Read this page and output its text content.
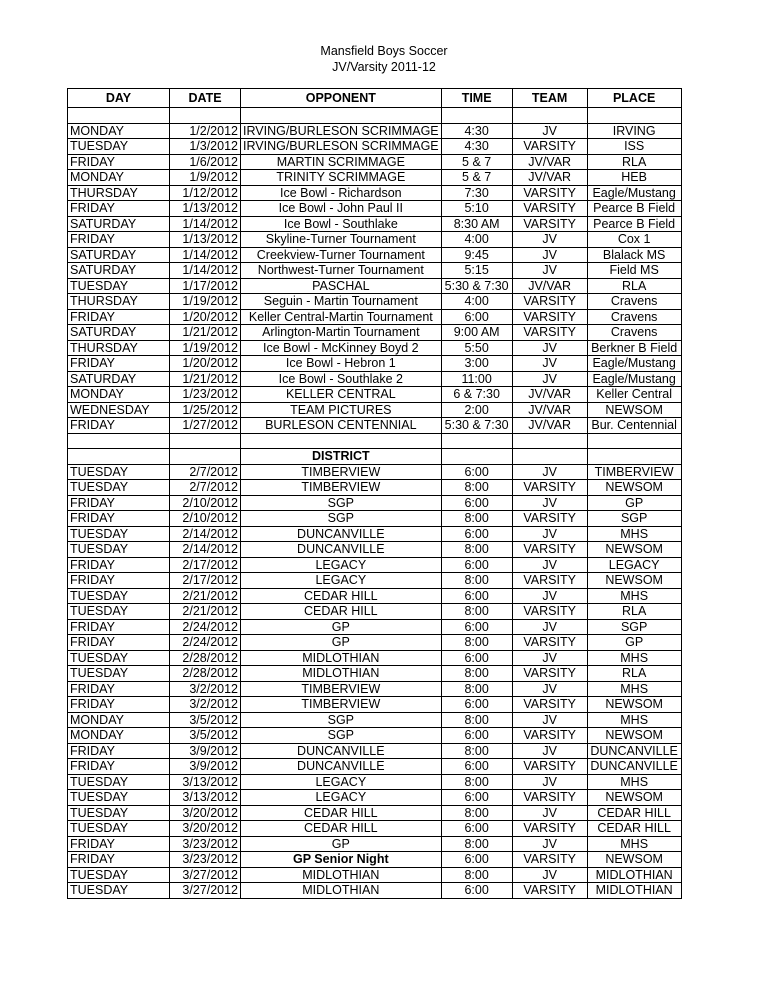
Mansfield Boys Soccer
JV/Varsity 2011-12
DAY	DATE	OPPONENT	TIME	TEAM	PLACE

MONDAY	1/2/2012	IRVING/BURLESON SCRIMMAGE	4:30	JV	IRVING
TUESDAY	1/3/2012	IRVING/BURLESON SCRIMMAGE	4:30	VARSITY	ISS
FRIDAY	1/6/2012	MARTIN SCRIMMAGE	5 & 7	JV/VAR	RLA
MONDAY	1/9/2012	TRINITY SCRIMMAGE	5 & 7	JV/VAR	HEB
THURSDAY	1/12/2012	Ice Bowl - Richardson	7:30	VARSITY	Eagle/Mustang
FRIDAY	1/13/2012	Ice Bowl - John Paul II	5:10	VARSITY	Pearce B Field
SATURDAY	1/14/2012	Ice Bowl - Southlake	8:30 AM	VARSITY	Pearce B Field
FRIDAY	1/13/2012	Skyline-Turner Tournament	4:00	JV	Cox 1
SATURDAY	1/14/2012	Creekview-Turner Tournament	9:45	JV	Blalack MS
SATURDAY	1/14/2012	Northwest-Turner Tournament	5:15	JV	Field MS
TUESDAY	1/17/2012	PASCHAL	5:30 & 7:30	JV/VAR	RLA
THURSDAY	1/19/2012	Seguin - Martin Tournament	4:00	VARSITY	Cravens
FRIDAY	1/20/2012	Keller Central-Martin Tournament	6:00	VARSITY	Cravens
SATURDAY	1/21/2012	Arlington-Martin Tournament	9:00 AM	VARSITY	Cravens
THURSDAY	1/19/2012	Ice Bowl - McKinney Boyd 2	5:50	JV	Berkner B Field
FRIDAY	1/20/2012	Ice Bowl - Hebron 1	3:00	JV	Eagle/Mustang
SATURDAY	1/21/2012	Ice Bowl - Southlake 2	11:00	JV	Eagle/Mustang
MONDAY	1/23/2012	KELLER CENTRAL	6 & 7:30	JV/VAR	Keller Central
WEDNESDAY	1/25/2012	TEAM PICTURES	2:00	JV/VAR	NEWSOM
FRIDAY	1/27/2012	BURLESON CENTENNIAL	5:30 & 7:30	JV/VAR	Bur. Centennial

		DISTRICT			
TUESDAY	2/7/2012	TIMBERVIEW	6:00	JV	TIMBERVIEW
TUESDAY	2/7/2012	TIMBERVIEW	8:00	VARSITY	NEWSOM
FRIDAY	2/10/2012	SGP	6:00	JV	GP
FRIDAY	2/10/2012	SGP	8:00	VARSITY	SGP
TUESDAY	2/14/2012	DUNCANVILLE	6:00	JV	MHS
TUESDAY	2/14/2012	DUNCANVILLE	8:00	VARSITY	NEWSOM
FRIDAY	2/17/2012	LEGACY	6:00	JV	LEGACY
FRIDAY	2/17/2012	LEGACY	8:00	VARSITY	NEWSOM
TUESDAY	2/21/2012	CEDAR HILL	6:00	JV	MHS
TUESDAY	2/21/2012	CEDAR HILL	8:00	VARSITY	RLA
FRIDAY	2/24/2012	GP	6:00	JV	SGP
FRIDAY	2/24/2012	GP	8:00	VARSITY	GP
TUESDAY	2/28/2012	MIDLOTHIAN	6:00	JV	MHS
TUESDAY	2/28/2012	MIDLOTHIAN	8:00	VARSITY	RLA
FRIDAY	3/2/2012	TIMBERVIEW	8:00	JV	MHS
FRIDAY	3/2/2012	TIMBERVIEW	6:00	VARSITY	NEWSOM
MONDAY	3/5/2012	SGP	8:00	JV	MHS
MONDAY	3/5/2012	SGP	6:00	VARSITY	NEWSOM
FRIDAY	3/9/2012	DUNCANVILLE	8:00	JV	DUNCANVILLE
FRIDAY	3/9/2012	DUNCANVILLE	6:00	VARSITY	DUNCANVILLE
TUESDAY	3/13/2012	LEGACY	8:00	JV	MHS
TUESDAY	3/13/2012	LEGACY	6:00	VARSITY	NEWSOM
TUESDAY	3/20/2012	CEDAR HILL	8:00	JV	CEDAR HILL
TUESDAY	3/20/2012	CEDAR HILL	6:00	VARSITY	CEDAR HILL
FRIDAY	3/23/2012	GP	8:00	JV	MHS
FRIDAY	3/23/2012	GP Senior Night	6:00	VARSITY	NEWSOM
TUESDAY	3/27/2012	MIDLOTHIAN	8:00	JV	MIDLOTHIAN
TUESDAY	3/27/2012	MIDLOTHIAN	6:00	VARSITY	MIDLOTHIAN
